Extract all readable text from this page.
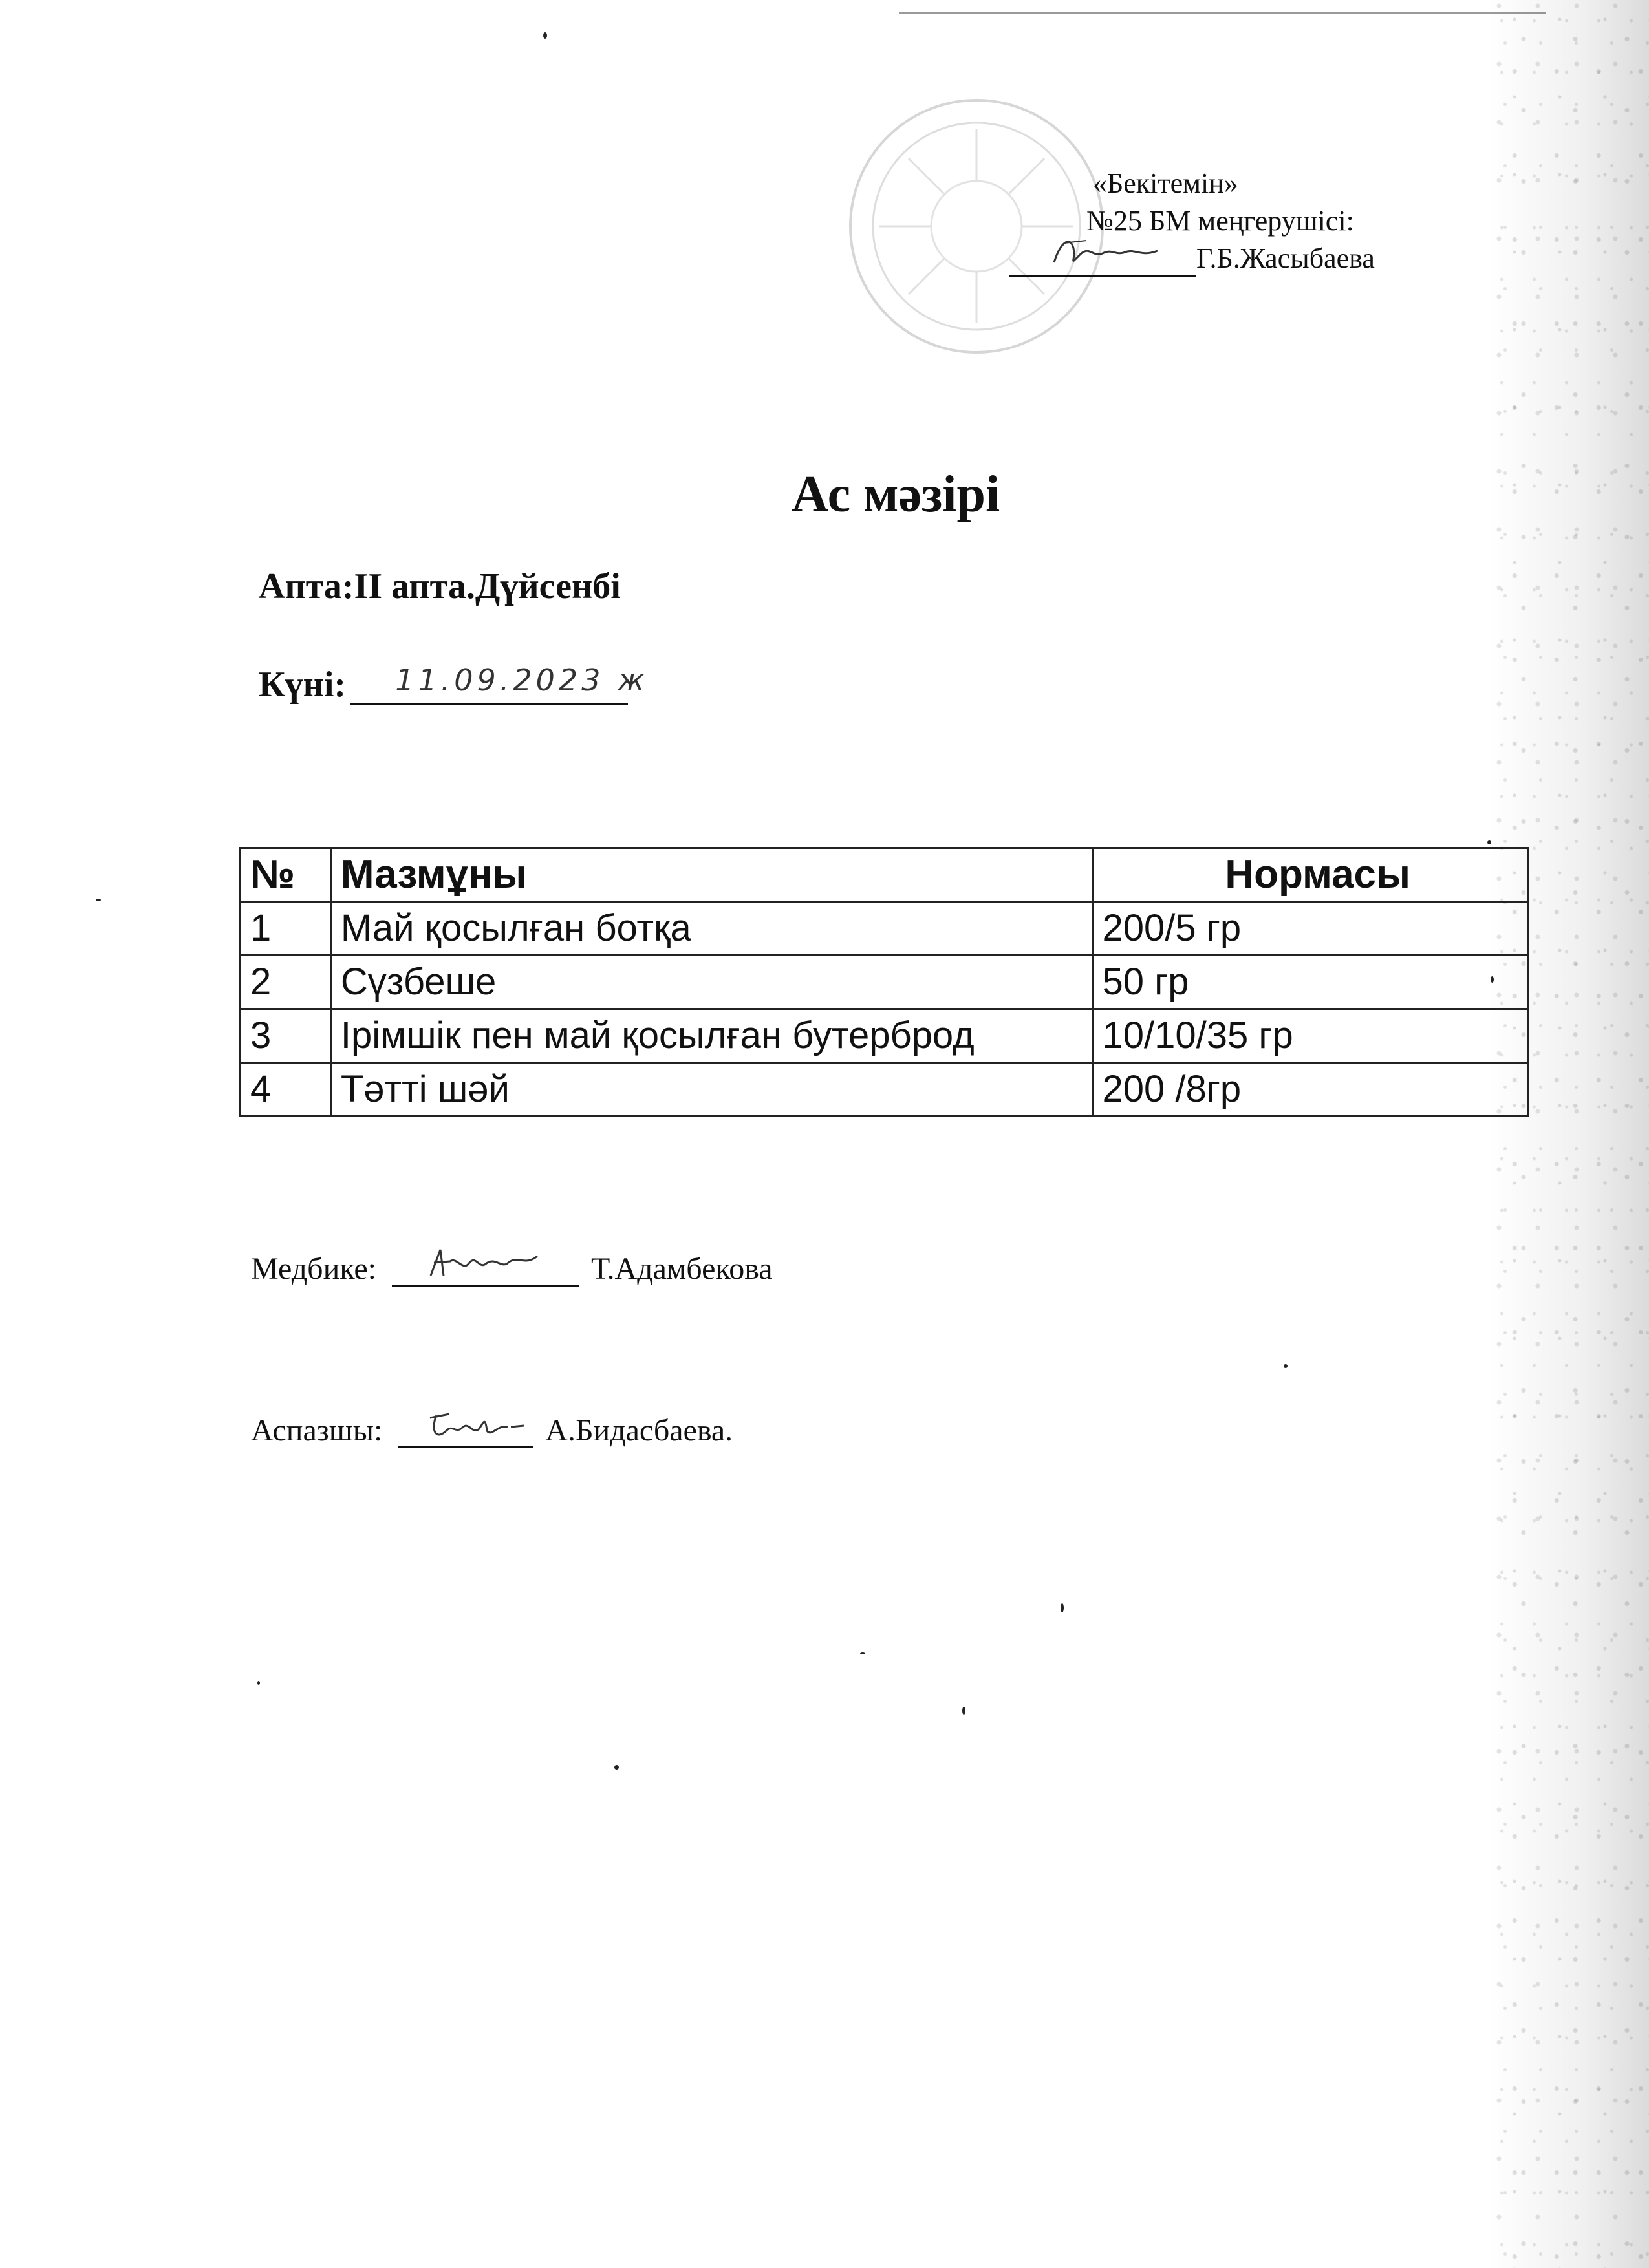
«Бекітемін»
№25 БМ меңгерушісі:
Г.Б.Жасыбаева
Ас мәзірі
Апта:II апта.Дүйсенбі
Күні: 11.09.2023 ж
№	Мазмұны	Нормасы
1	Май қосылған ботқа	200/5 гр
2	Сүзбеше	50 гр
3	Ірімшік пен май қосылған бутерброд	10/10/35 гр
4	Тәтті шәй	200 /8гр
Медбике:	Т.Адамбекова
Аспазшы:	А.Бидасбаева.
